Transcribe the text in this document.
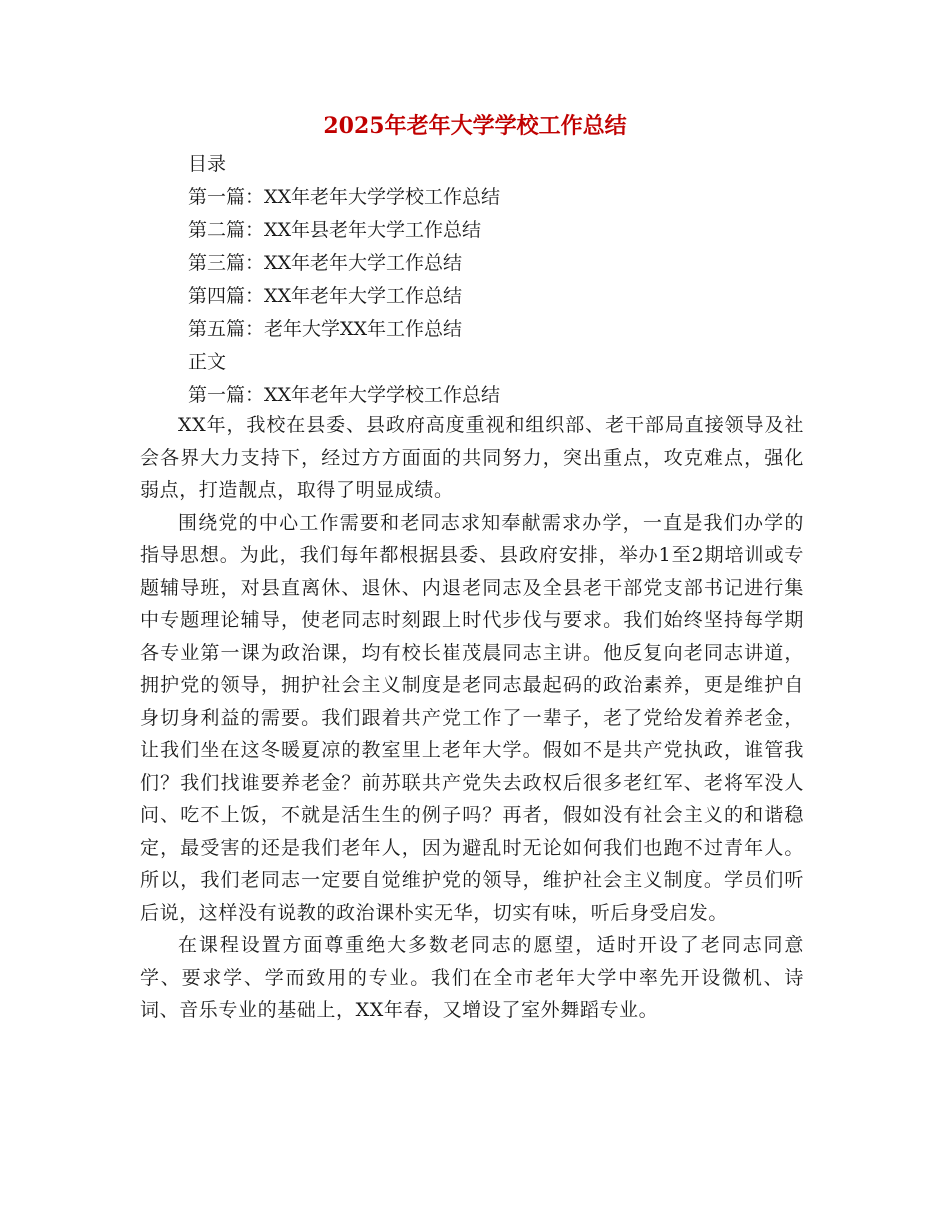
2025年老年大学学校工作总结
目录
第一篇：XX年老年大学学校工作总结
第二篇：XX年县老年大学工作总结
第三篇：XX年老年大学工作总结
第四篇：XX年老年大学工作总结
第五篇：老年大学XX年工作总结
正文
第一篇：XX年老年大学学校工作总结

XX年，我校在县委、县政府高度重视和组织部、老干部局直接领导及社会各界大力支持下，经过方方面面的共同努力，突出重点，攻克难点，强化弱点，打造靓点，取得了明显成绩。

围绕党的中心工作需要和老同志求知奉献需求办学，一直是我们办学的指导思想。为此，我们每年都根据县委、县政府安排，举办1至2期培训或专题辅导班，对县直离休、退休、内退老同志及全县老干部党支部书记进行集中专题理论辅导，使老同志时刻跟上时代步伐与要求。我们始终坚持每学期各专业第一课为政治课，均有校长崔茂晨同志主讲。他反复向老同志讲道，拥护党的领导，拥护社会主义制度是老同志最起码的政治素养，更是维护自身切身利益的需要。我们跟着共产党工作了一辈子，老了党给发着养老金，让我们坐在这冬暖夏凉的教室里上老年大学。假如不是共产党执政，谁管我们？我们找谁要养老金？前苏联共产党失去政权后很多老红军、老将军没人问、吃不上饭，不就是活生生的例子吗？再者，假如没有社会主义的和谐稳定，最受害的还是我们老年人，因为避乱时无论如何我们也跑不过青年人。所以，我们老同志一定要自觉维护党的领导，维护社会主义制度。学员们听后说，这样没有说教的政治课朴实无华，切实有味，听后身受启发。

在课程设置方面尊重绝大多数老同志的愿望，适时开设了老同志同意学、要求学、学而致用的专业。我们在全市老年大学中率先开设微机、诗词、音乐专业的基础上，XX年春，又增设了室外舞蹈专业。
